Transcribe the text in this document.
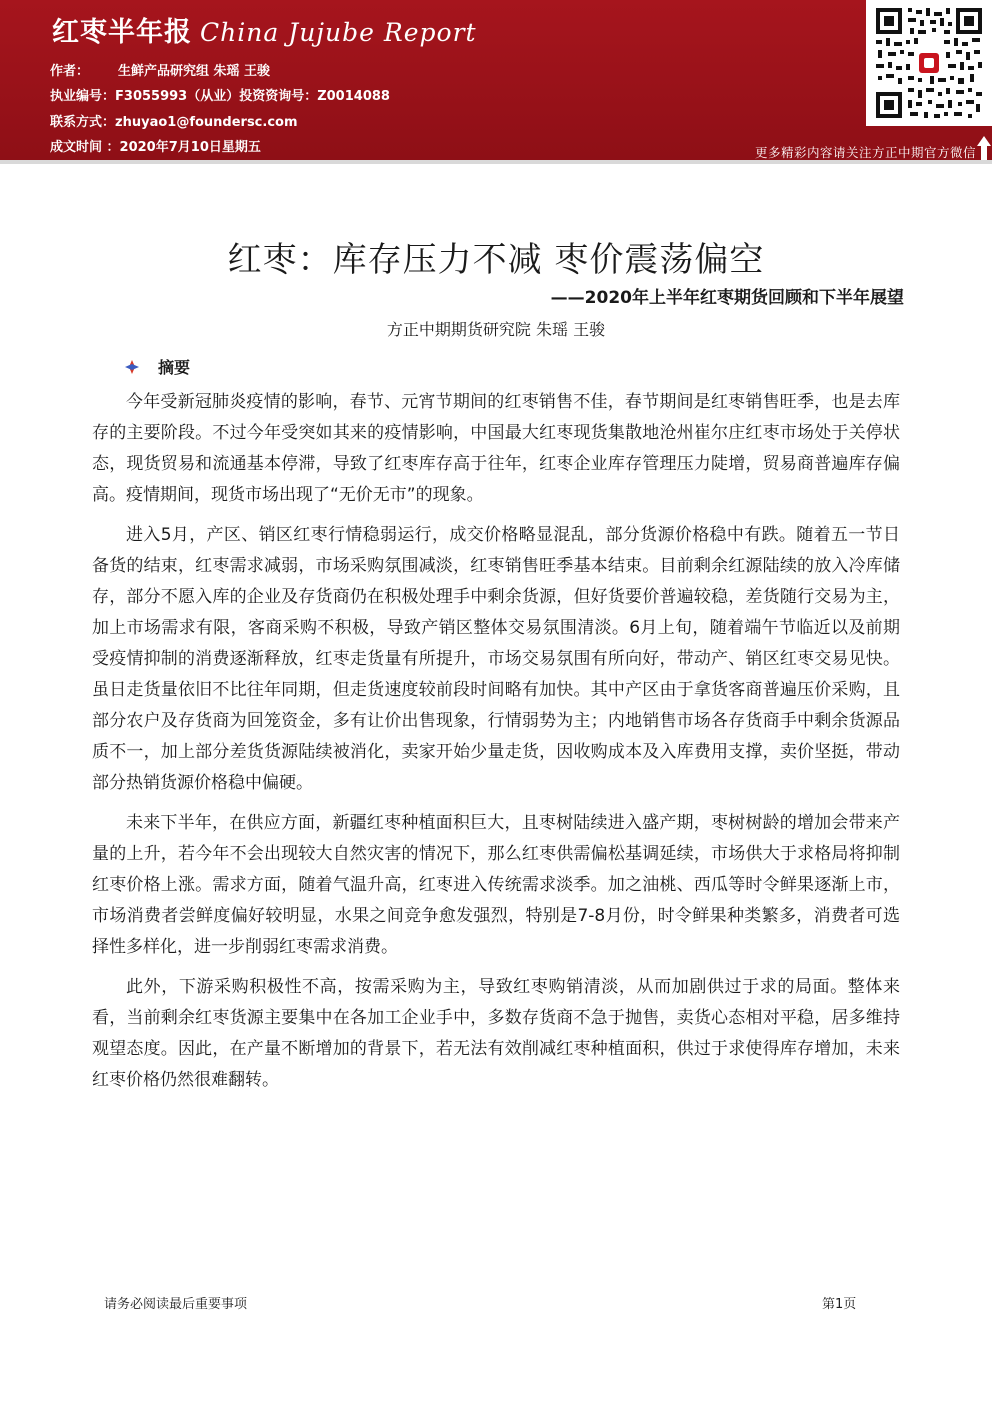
红枣半年报 China Jujube Report
作者： 生鲜产品研究组 朱瑶 王骏
执业编号：F3055993（从业）投资资询号：Z0014088
联系方式：zhuyao1@foundersc.com
成文时间 ：2020年7月10日星期五	更多精彩内容请关注方正中期官方微信
红枣：库存压力不减 枣价震荡偏空
——2020年上半年红枣期货回顾和下半年展望
方正中期期货研究院 朱瑶 王骏
摘要

今年受新冠肺炎疫情的影响，春节、元宵节期间的红枣销售不佳，春节期间是红枣销售旺季，也是去库存的主要阶段。不过今年受突如其来的疫情影响，中国最大红枣现货集散地沧州崔尔庄红枣市场处于关停状态，现货贸易和流通基本停滞，导致了红枣库存高于往年，红枣企业库存管理压力陡增，贸易商普遍库存偏高。疫情期间，现货市场出现了“无价无市”的现象。

进入5月，产区、销区红枣行情稳弱运行，成交价格略显混乱，部分货源价格稳中有跌。随着五一节日备货的结束，红枣需求减弱，市场采购氛围减淡，红枣销售旺季基本结束。目前剩余红源陆续的放入冷库储存，部分不愿入库的企业及存货商仍在积极处理手中剩余货源，但好货要价普遍较稳，差货随行交易为主，加上市场需求有限，客商采购不积极，导致产销区整体交易氛围清淡。6月上旬，随着端午节临近以及前期受疫情抑制的消费逐渐释放，红枣走货量有所提升，市场交易氛围有所向好，带动产、销区红枣交易见快。虽日走货量依旧不比往年同期，但走货速度较前段时间略有加快。其中产区由于拿货客商普遍压价采购，且部分农户及存货商为回笼资金，多有让价出售现象，行情弱势为主；内地销售市场各存货商手中剩余货源品质不一，加上部分差货货源陆续被消化，卖家开始少量走货，因收购成本及入库费用支撑，卖价坚挺，带动部分热销货源价格稳中偏硬。

未来下半年，在供应方面，新疆红枣种植面积巨大，且枣树陆续进入盛产期，枣树树龄的增加会带来产量的上升，若今年不会出现较大自然灾害的情况下，那么红枣供需偏松基调延续，市场供大于求格局将抑制红枣价格上涨。需求方面，随着气温升高，红枣进入传统需求淡季。加之油桃、西瓜等时令鲜果逐渐上市，市场消费者尝鲜度偏好较明显，水果之间竞争愈发强烈，特别是7-8月份，时令鲜果种类繁多，消费者可选择性多样化，进一步削弱红枣需求消费。

此外，下游采购积极性不高，按需采购为主，导致红枣购销清淡，从而加剧供过于求的局面。整体来看，当前剩余红枣货源主要集中在各加工企业手中，多数存货商不急于抛售，卖货心态相对平稳，居多维持观望态度。因此，在产量不断增加的背景下，若无法有效削减红枣种植面积，供过于求使得库存增加，未来红枣价格仍然很难翻转。

请务必阅读最后重要事项	第1页
